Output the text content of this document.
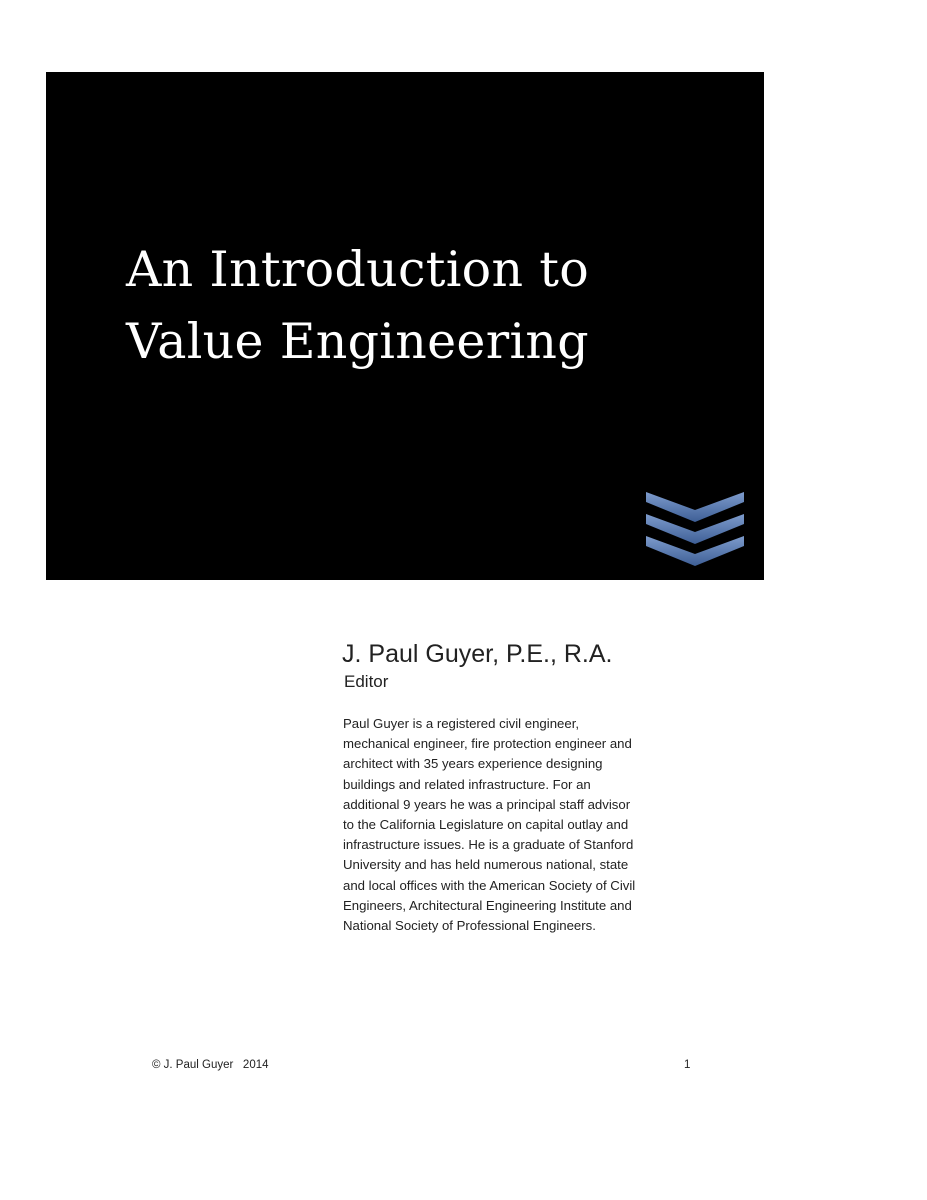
An Introduction to
Value Engineering
J. Paul Guyer, P.E., R.A.
Editor
Paul Guyer is a registered civil engineer,
mechanical engineer, fire protection engineer and
architect with 35 years experience designing
buildings and related infrastructure. For an
additional 9 years he was a principal staff advisor
to the California Legislature on capital outlay and
infrastructure issues. He is a graduate of Stanford
University and has held numerous national, state
and local offices with the American Society of Civil
Engineers, Architectural Engineering Institute and
National Society of Professional Engineers.
© J. Paul Guyer   2014	1
